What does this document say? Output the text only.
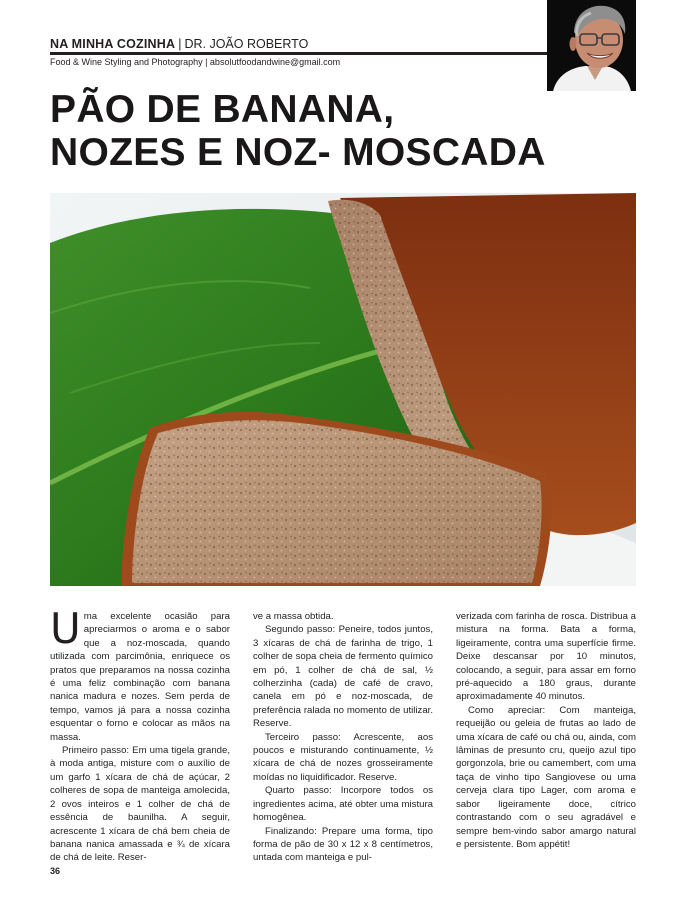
NA MINHA COZINHA | DR. JOÃO ROBERTO
Food & Wine Styling and Photography | absolutfoodandwine@gmail.com
PÃO DE BANANA,
NOZES E NOZ- MOSCADA

Uma excelente ocasião para apreciarmos o aroma e o sabor que a noz-moscada, quando utilizada com parcimônia, enriquece os pratos que preparamos na nossa cozinha é uma feliz combinação com banana nanica madura e nozes. Sem perda de tempo, vamos já para a nossa cozinha esquentar o forno e colocar as mãos na massa.

Primeiro passo: Em uma tigela grande, à moda antiga, misture com o auxílio de um garfo 1 xícara de chá de açúcar, 2 colheres de sopa de manteiga amolecida, 2 ovos inteiros e 1 colher de chá de essência de baunilha. A seguir, acrescente 1 xícara de chá bem cheia de banana nanica amassada e ¾ de xícara de chá de leite. Reser-

ve a massa obtida.

Segundo passo: Peneire, todos juntos, 3 xícaras de chá de farinha de trigo, 1 colher de sopa cheia de fermento químico em pó, 1 colher de chá de sal, ½ colherzinha (cada) de café de cravo, canela em pó e noz-moscada, de preferência ralada no momento de utilizar. Reserve.

Terceiro passo: Acrescente, aos poucos e misturando continuamente, ½ xícara de chá de nozes grosseiramente moídas no liquidificador. Reserve.

Quarto passo: Incorpore todos os ingredientes acima, até obter uma mistura homogênea.

Finalizando: Prepare uma forma, tipo forma de pão de 30 x 12 x 8 centímetros, untada com manteiga e pul-

verizada com farinha de rosca. Distribua a mistura na forma. Bata a forma, ligeiramente, contra uma superfície firme. Deixe descansar por 10 minutos, colocando, a seguir, para assar em forno pré-aquecido a 180 graus, durante aproximadamente 40 minutos.

Como apreciar: Com manteiga, requeijão ou geleia de frutas ao lado de uma xícara de café ou chá ou, ainda, com lâminas de presunto cru, queijo azul tipo gorgonzola, brie ou camembert, com uma taça de vinho tipo Sangiovese ou uma cerveja clara tipo Lager, com aroma e sabor ligeiramente doce, cítrico contrastando com o seu agradável e sempre bem-vindo sabor amargo natural e persistente. Bom appétit!

36
